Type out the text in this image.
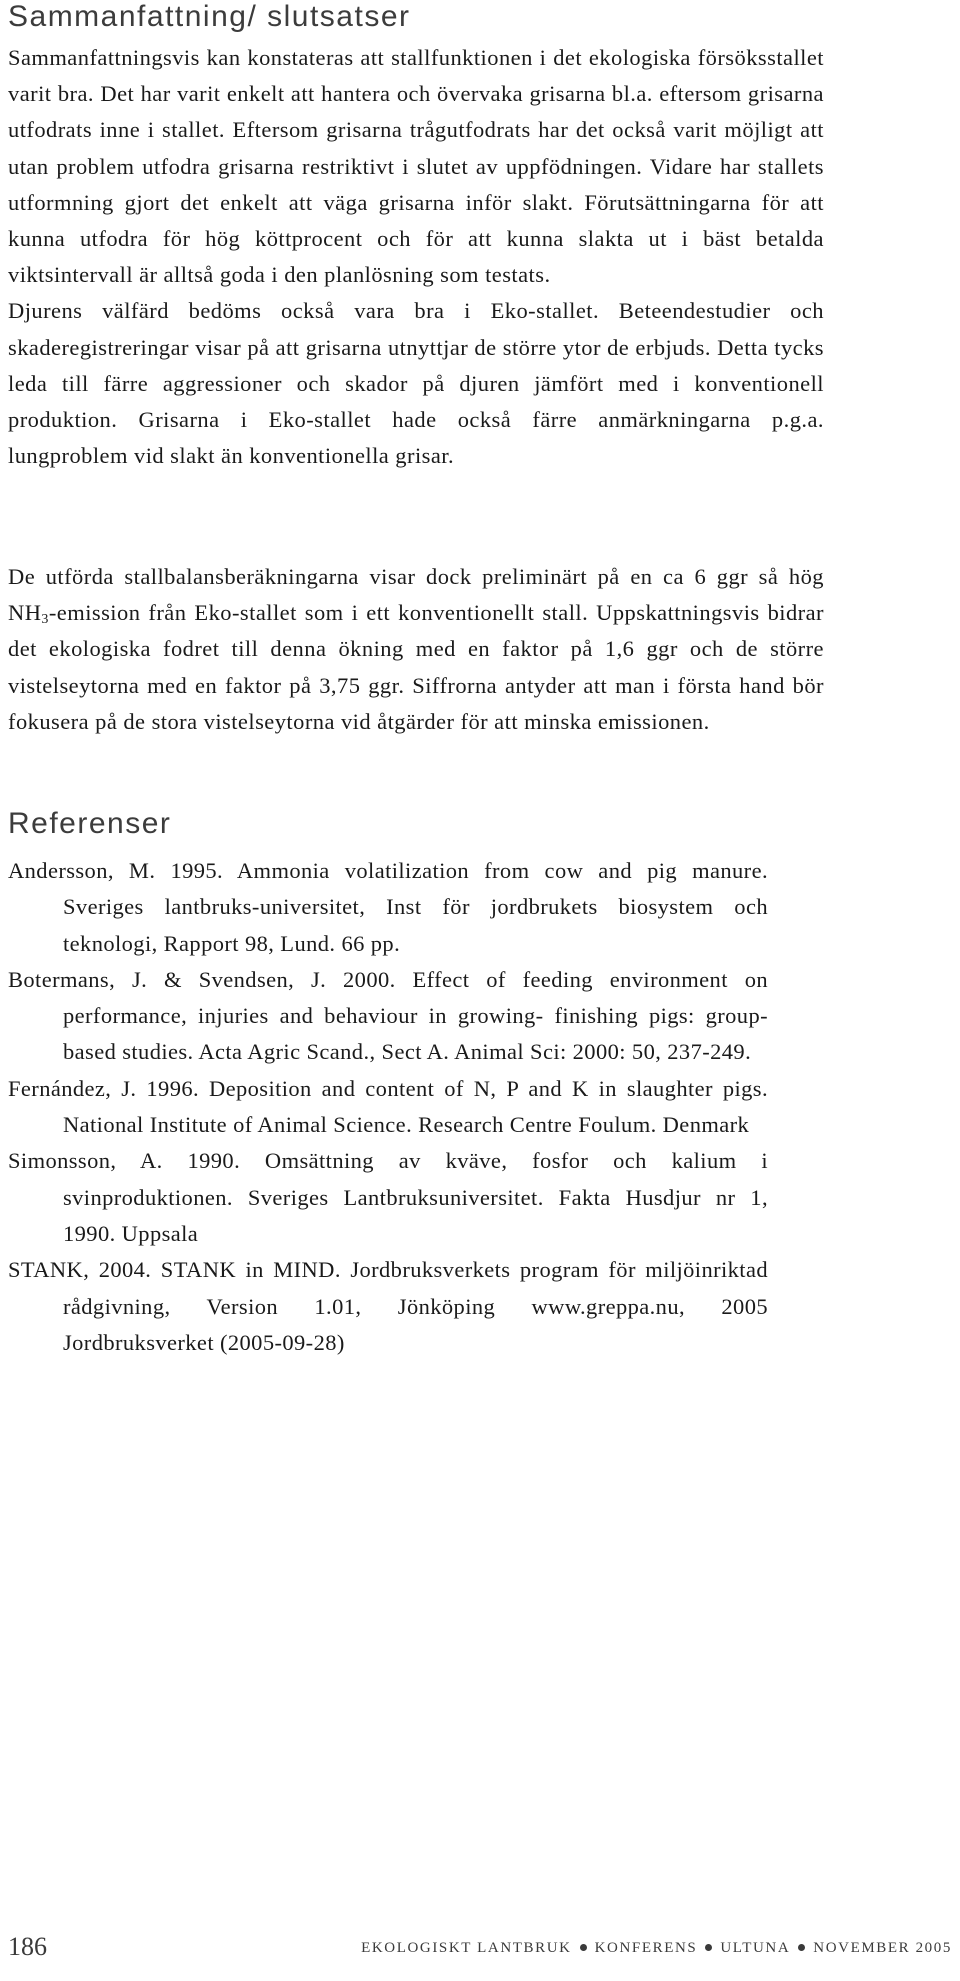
Sammanfattning/ slutsatser

Sammanfattningsvis kan konstateras att stallfunktionen i det ekologiska försöksstallet varit bra. Det har varit enkelt att hantera och övervaka grisarna bl.a. eftersom grisarna utfodrats inne i stallet. Eftersom grisarna trågutfodrats har det också varit möjligt att utan problem utfodra grisarna restriktivt i slutet av uppfödningen. Vidare har stallets utformning gjort det enkelt att väga grisarna inför slakt. Förutsättningarna för att kunna utfodra för hög köttprocent och för att kunna slakta ut i bäst betalda viktsintervall är alltså goda i den planlösning som testats.

Djurens välfärd bedöms också vara bra i Eko-stallet. Beteendestudier och skaderegistreringar visar på att grisarna utnyttjar de större ytor de erbjuds. Detta tycks leda till färre aggressioner och skador på djuren jämfört med i konventionell produktion. Grisarna i Eko-stallet hade också färre anmärkningarna p.g.a. lungproblem vid slakt än konventionella grisar.

De utförda stallbalansberäkningarna visar dock preliminärt på en ca 6 ggr så hög $NH_3$-emission från Eko-stallet som i ett konventionellt stall. Uppskattningsvis bidrar det ekologiska fodret till denna ökning med en faktor på 1,6 ggr och de större vistelseytorna med en faktor på 3,75 ggr. Siffrorna antyder att man i första hand bör fokusera på de stora vistelseytorna vid åtgärder för att minska emissionen.

Referenser

Andersson, M. 1995. Ammonia volatilization from cow and pig manure. Sveriges lantbruks-universitet, Inst för jordbrukets biosystem och teknologi, Rapport 98, Lund. 66 pp.

Botermans, J. & Svendsen, J. 2000. Effect of feeding environment on performance, injuries and behaviour in growing- finishing pigs: group-based studies. Acta Agric Scand., Sect A. Animal Sci: 2000: 50, 237-249.

Fernández, J. 1996. Deposition and content of N, P and K in slaughter pigs. National Institute of Animal Science. Research Centre Foulum. Denmark

Simonsson, A. 1990. Omsättning av kväve, fosfor och kalium i svinproduktionen. Sveriges Lantbruksuniversitet. Fakta Husdjur nr 1, 1990. Uppsala

STANK, 2004. STANK in MIND. Jordbruksverkets program för miljöinriktad rådgivning, Version 1.01, Jönköping www.greppa.nu, 2005 Jordbruksverket (2005-09-28)

186	EKOLOGISKT LANTBRUK KONFERENS ULTUNA NOVEMBER 2005
